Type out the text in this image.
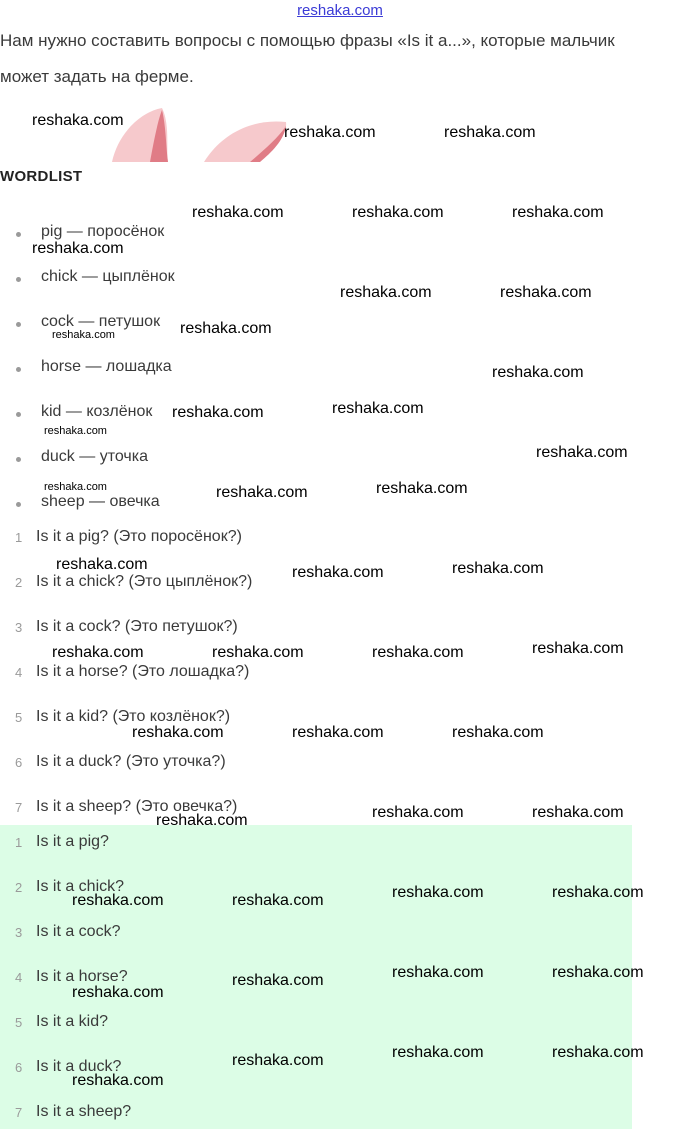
reshaka.com
Нам нужно составить вопросы с помощью фразы «Is it a...», которые мальчик
может задать на ферме.
WORDLIST
pig — поросёнок
chick — цыплёнок
cock — петушок
horse — лошадка
kid — козлёнок
duck — уточка
sheep — овечка
1 Is it a pig? (Это поросёнок?)
2 Is it a chick? (Это цыплёнок?)
3 Is it a cock? (Это петушок?)
4 Is it a horse? (Это лошадка?)
5 Is it a kid? (Это козлёнок?)
6 Is it a duck? (Это уточка?)
7 Is it a sheep? (Это овечка?)
1 Is it a pig?
2 Is it a chick?
3 Is it a cock?
4 Is it a horse?
5 Is it a kid?
6 Is it a duck?
7 Is it a sheep?
reshaka.com
reshaka.com	reshaka.com
reshaka.com	reshaka.com	reshaka.com
reshaka.com
reshaka.com	reshaka.com
reshaka.com
reshaka.com
reshaka.com
reshaka.com	reshaka.com
reshaka.com
reshaka.com
reshaka.com	reshaka.com	reshaka.com
reshaka.com	reshaka.com	reshaka.com
reshaka.com	reshaka.com	reshaka.com	reshaka.com
reshaka.com	reshaka.com	reshaka.com
reshaka.com	reshaka.com
reshaka.com
reshaka.com	reshaka.com
reshaka.com	reshaka.com
reshaka.com	reshaka.com
reshaka.com
reshaka.com
reshaka.com	reshaka.com
reshaka.com
reshaka.com
